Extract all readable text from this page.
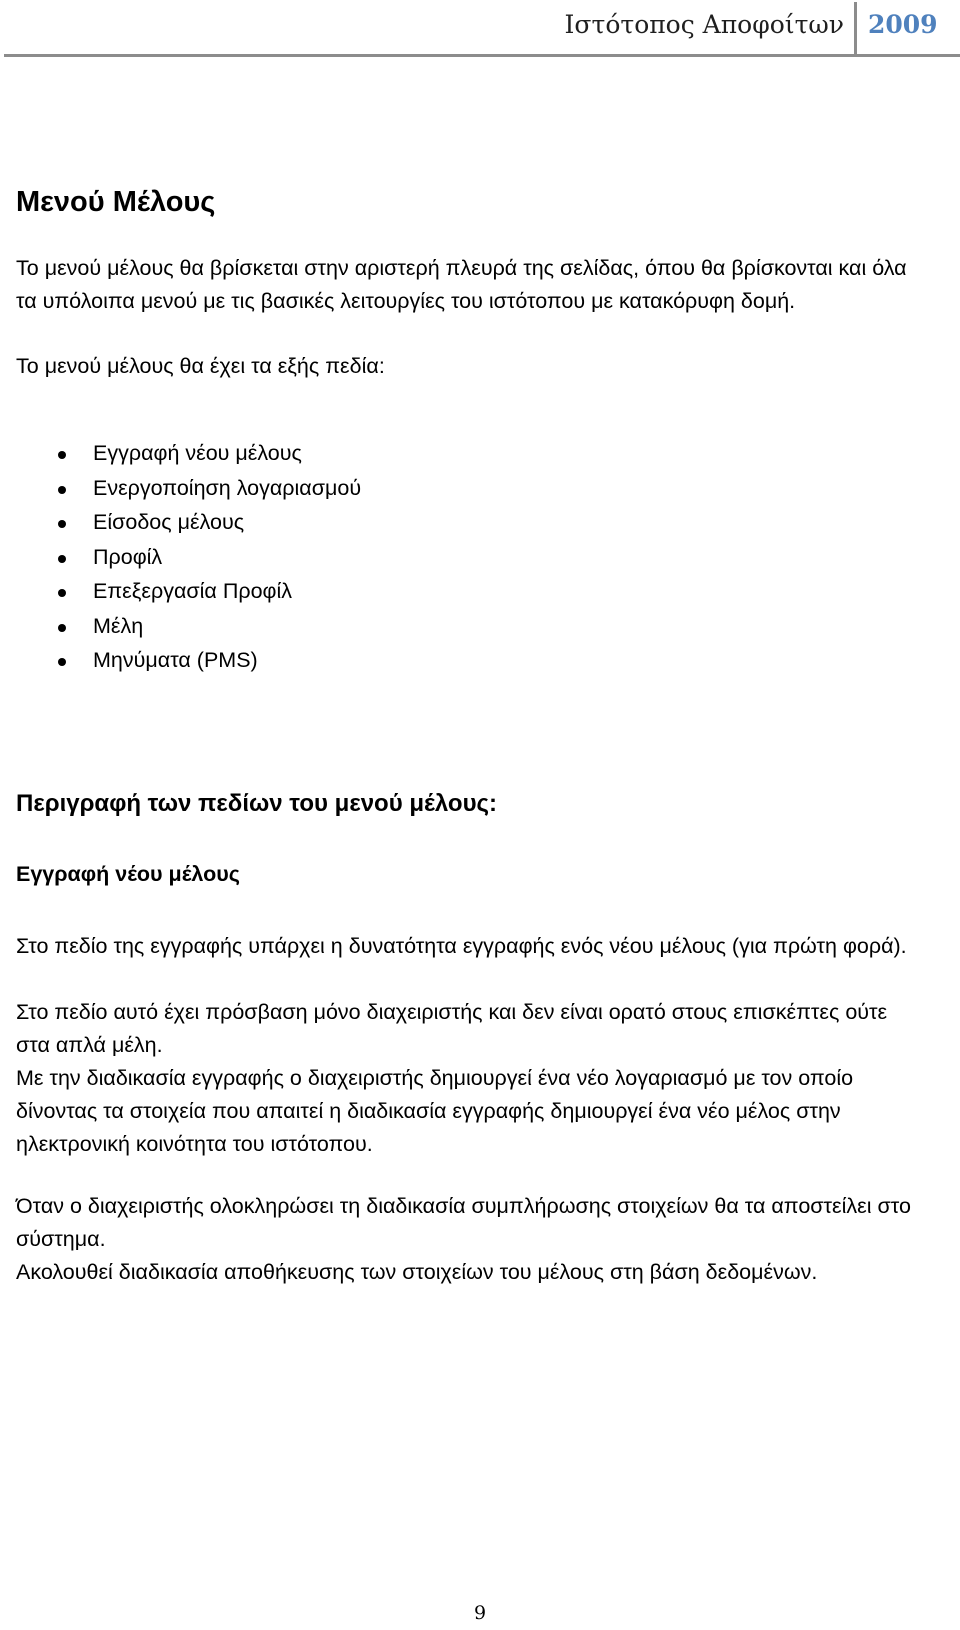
Ιστότοπος Αποφοίτων 2009
Μενού Μέλους
Το μενού μέλους θα βρίσκεται στην αριστερή πλευρά της σελίδας, όπου θα βρίσκονται και όλα τα υπόλοιπα μενού με τις βασικές λειτουργίες του ιστότοπου με κατακόρυφη δομή.
Το μενού μέλους θα έχει τα εξής πεδία:
Εγγραφή νέου μέλους
Ενεργοποίηση λογαριασμού
Είσοδος μέλους
Προφίλ
Επεξεργασία Προφίλ
Μέλη
Μηνύματα (PMS)
Περιγραφή των πεδίων του μενού μέλους:
Εγγραφή νέου μέλους
Στο πεδίο της εγγραφής υπάρχει η δυνατότητα εγγραφής ενός νέου μέλους (για πρώτη φορά).
Στο πεδίο αυτό έχει πρόσβαση μόνο διαχειριστής και δεν είναι ορατό στους επισκέπτες ούτε στα απλά μέλη.
Με την διαδικασία εγγραφής ο διαχειριστής δημιουργεί ένα νέο λογαριασμό με τον οποίο δίνοντας τα στοιχεία που απαιτεί η διαδικασία εγγραφής δημιουργεί ένα νέο μέλος στην ηλεκτρονική κοινότητα του ιστότοπου.
Όταν ο διαχειριστής ολοκληρώσει τη διαδικασία συμπλήρωσης στοιχείων θα τα αποστείλει στο σύστημα.
Ακολουθεί διαδικασία αποθήκευσης των στοιχείων του μέλους στη βάση δεδομένων.
9
